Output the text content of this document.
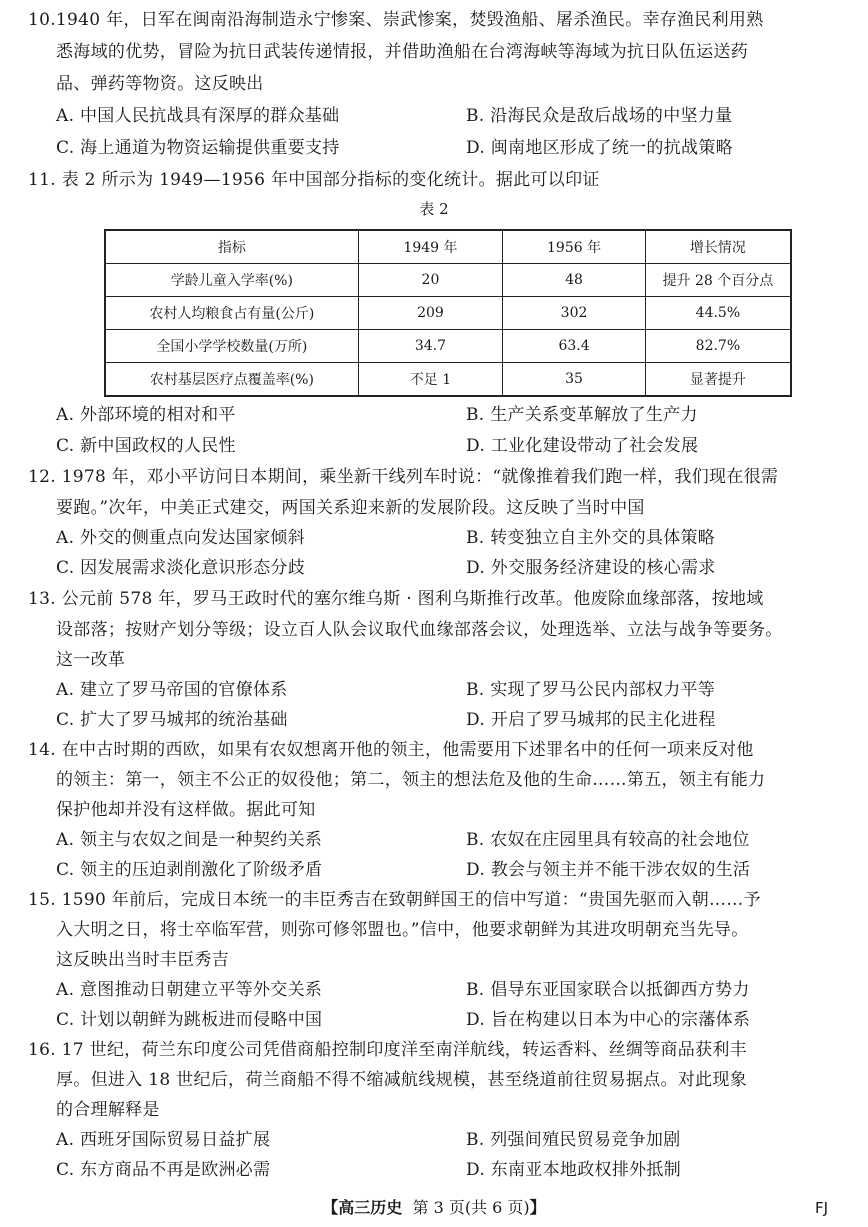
10.1940 年，日军在闽南沿海制造永宁惨案、崇武惨案，焚毁渔船、屠杀渔民。幸存渔民利用熟
悉海域的优势，冒险为抗日武装传递情报，并借助渔船在台湾海峡等海域为抗日队伍运送药
品、弹药等物资。这反映出
A. 中国人民抗战具有深厚的群众基础	B. 沿海民众是敌后战场的中坚力量
C. 海上通道为物资运输提供重要支持	D. 闽南地区形成了统一的抗战策略
11. 表 2 所示为 1949—1956 年中国部分指标的变化统计。据此可以印证
表 2
指标	1949 年	1956 年	增长情况
学龄儿童入学率(%)	20	48	提升 28 个百分点
农村人均粮食占有量(公斤)	209	302	44.5%
全国小学学校数量(万所)	34.7	63.4	82.7%
农村基层医疗点覆盖率(%)	不足 1	35	显著提升
A. 外部环境的相对和平	B. 生产关系变革解放了生产力
C. 新中国政权的人民性	D. 工业化建设带动了社会发展
12. 1978 年，邓小平访问日本期间，乘坐新干线列车时说：“就像推着我们跑一样，我们现在很需
要跑。”次年，中美正式建交，两国关系迎来新的发展阶段。这反映了当时中国
A. 外交的侧重点向发达国家倾斜	B. 转变独立自主外交的具体策略
C. 因发展需求淡化意识形态分歧	D. 外交服务经济建设的核心需求
13. 公元前 578 年，罗马王政时代的塞尔维乌斯 · 图利乌斯推行改革。他废除血缘部落，按地域
设部落；按财产划分等级；设立百人队会议取代血缘部落会议，处理选举、立法与战争等要务。
这一改革
A. 建立了罗马帝国的官僚体系	B. 实现了罗马公民内部权力平等
C. 扩大了罗马城邦的统治基础	D. 开启了罗马城邦的民主化进程
14. 在中古时期的西欧，如果有农奴想离开他的领主，他需要用下述罪名中的任何一项来反对他
的领主：第一，领主不公正的奴役他；第二，领主的想法危及他的生命……第五，领主有能力
保护他却并没有这样做。据此可知
A. 领主与农奴之间是一种契约关系	B. 农奴在庄园里具有较高的社会地位
C. 领主的压迫剥削激化了阶级矛盾	D. 教会与领主并不能干涉农奴的生活
15. 1590 年前后，完成日本统一的丰臣秀吉在致朝鲜国王的信中写道：“贵国先驱而入朝……予
入大明之日，将士卒临军营，则弥可修邻盟也。”信中，他要求朝鲜为其进攻明朝充当先导。
这反映出当时丰臣秀吉
A. 意图推动日朝建立平等外交关系	B. 倡导东亚国家联合以抵御西方势力
C. 计划以朝鲜为跳板进而侵略中国	D. 旨在构建以日本为中心的宗藩体系
16. 17 世纪，荷兰东印度公司凭借商船控制印度洋至南洋航线，转运香料、丝绸等商品获利丰
厚。但进入 18 世纪后，荷兰商船不得不缩减航线规模，甚至绕道前往贸易据点。对此现象
的合理解释是
A. 西班牙国际贸易日益扩展	B. 列强间殖民贸易竞争加剧
C. 东方商品不再是欧洲必需	D. 东南亚本地政权排外抵制
【高三历史 第 3 页(共 6 页)】	FJ
